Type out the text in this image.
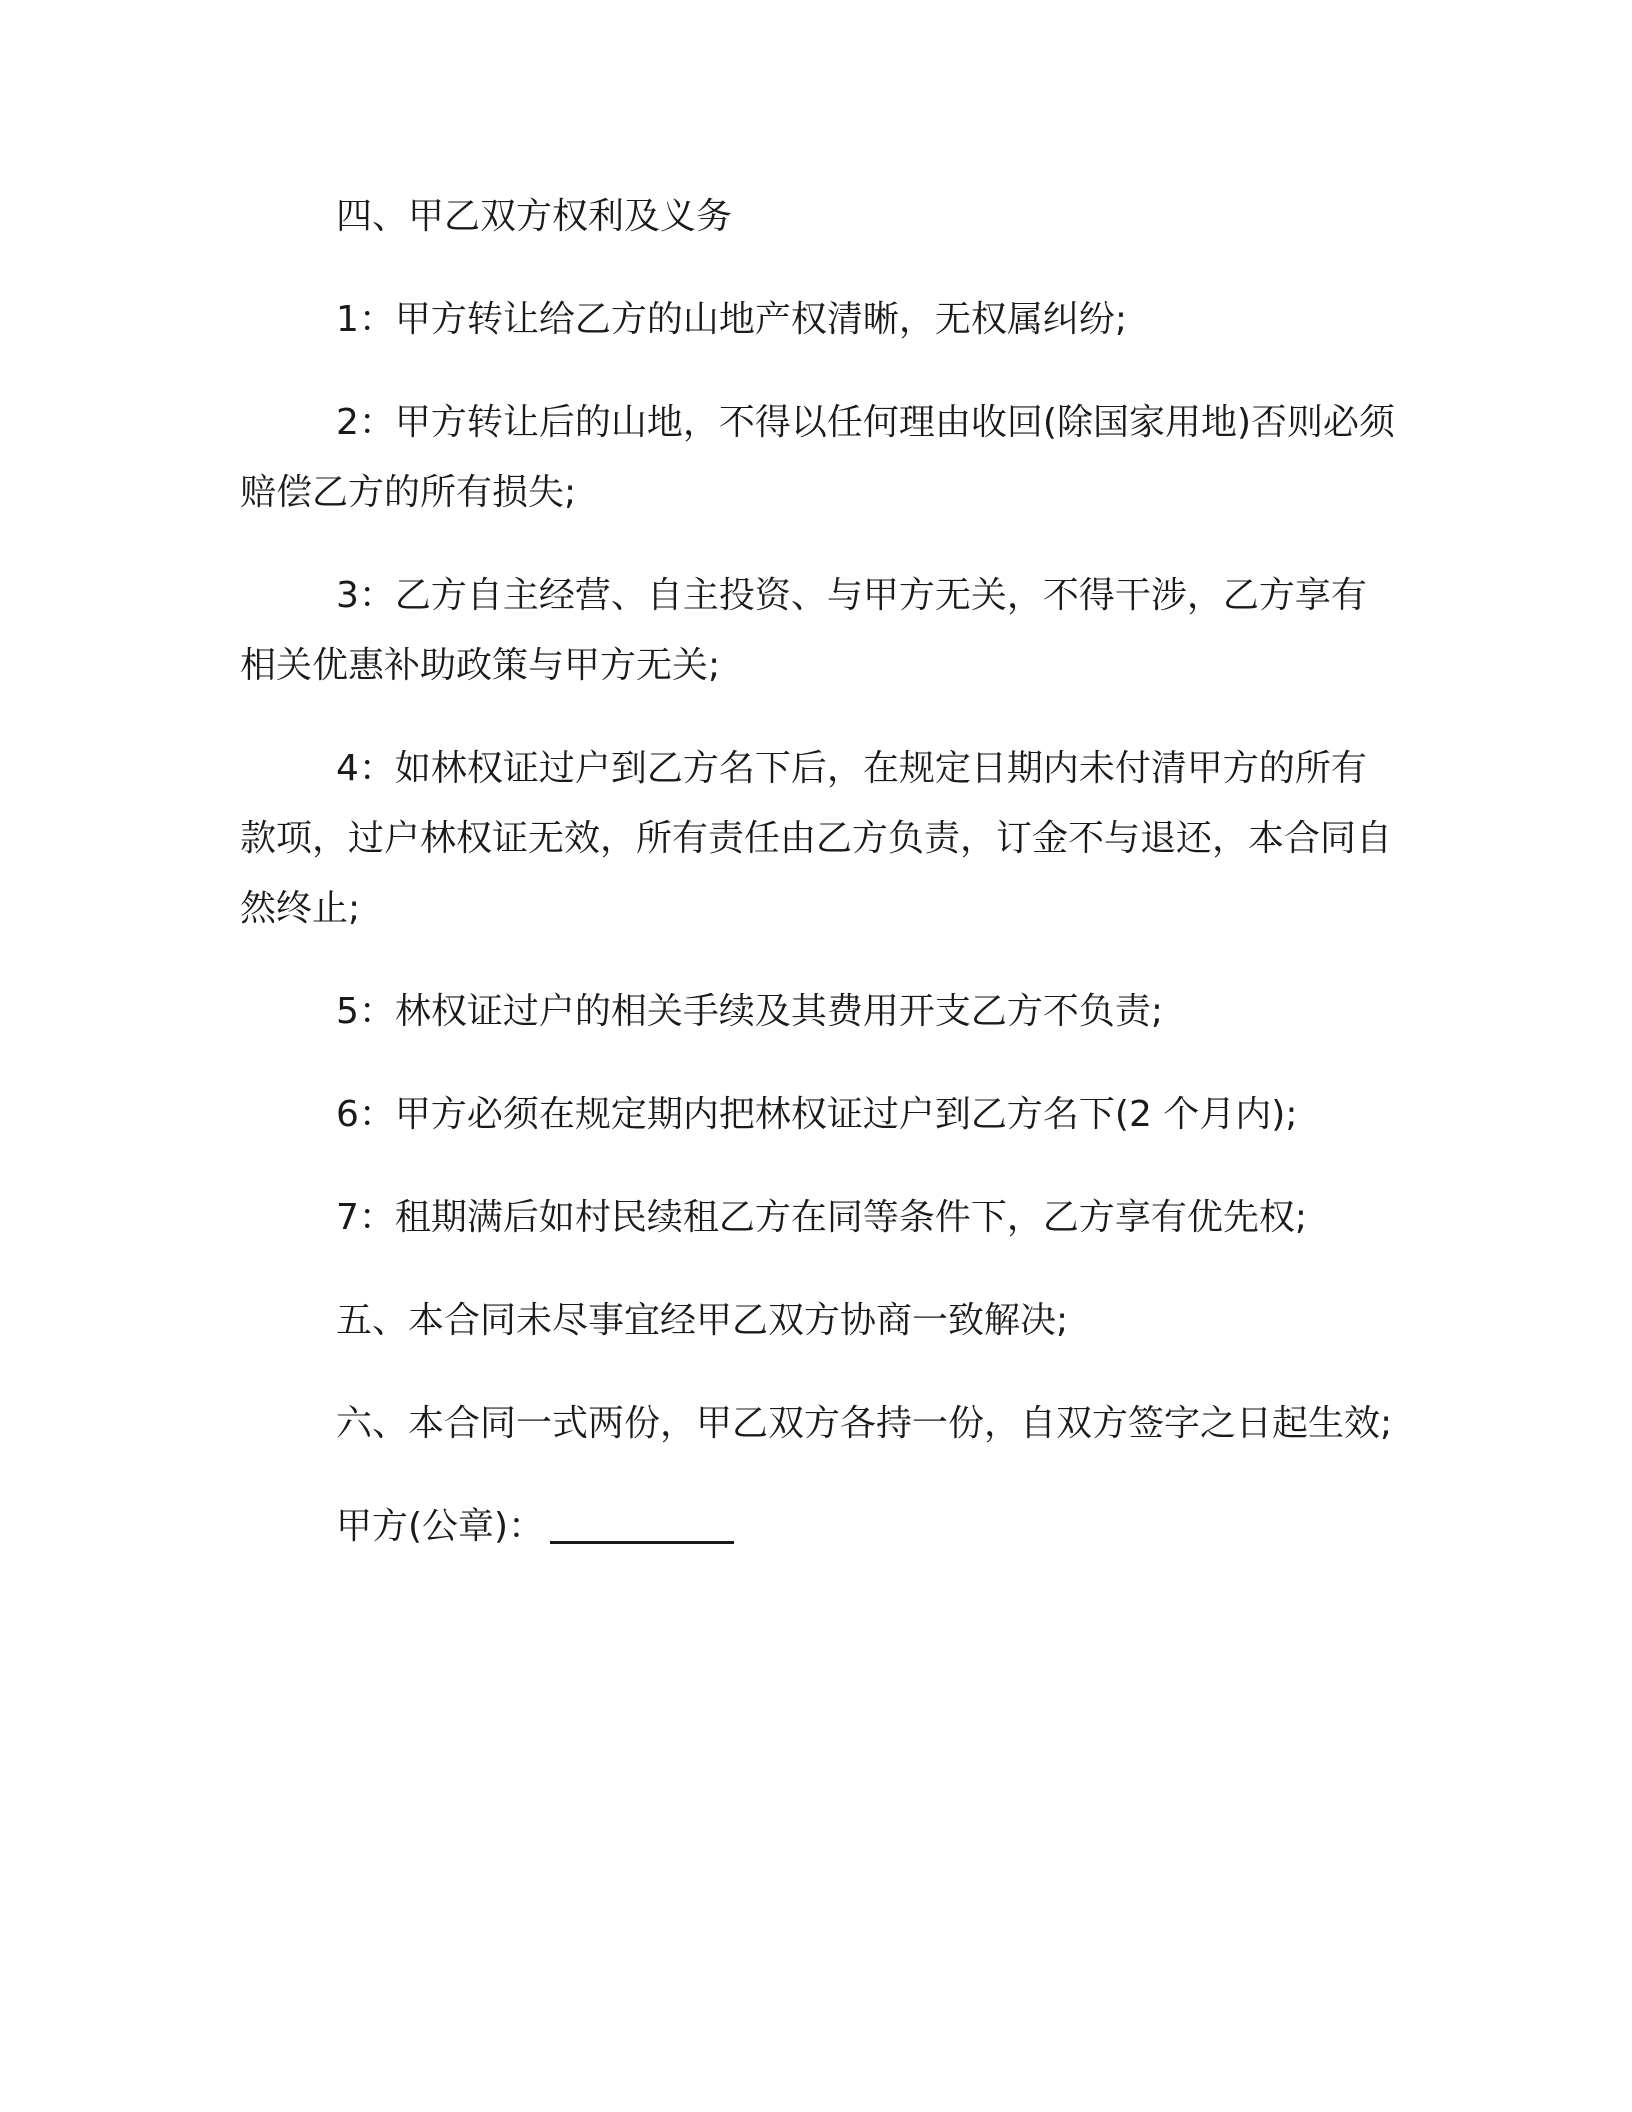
四、甲乙双方权利及义务

1：甲方转让给乙方的山地产权清晰，无权属纠纷;

2：甲方转让后的山地，不得以任何理由收回(除国家用地)否则必须赔偿乙方的所有损失;

3：乙方自主经营、自主投资、与甲方无关，不得干涉，乙方享有相关优惠补助政策与甲方无关;

4：如林权证过户到乙方名下后，在规定日期内未付清甲方的所有款项，过户林权证无效，所有责任由乙方负责，订金不与退还，本合同自然终止;

5：林权证过户的相关手续及其费用开支乙方不负责;

6：甲方必须在规定期内把林权证过户到乙方名下(2 个月内);

7：租期满后如村民续租乙方在同等条件下，乙方享有优先权;

五、本合同未尽事宜经甲乙双方协商一致解决;

六、本合同一式两份，甲乙双方各持一份，自双方签字之日起生效;

甲方(公章)：
